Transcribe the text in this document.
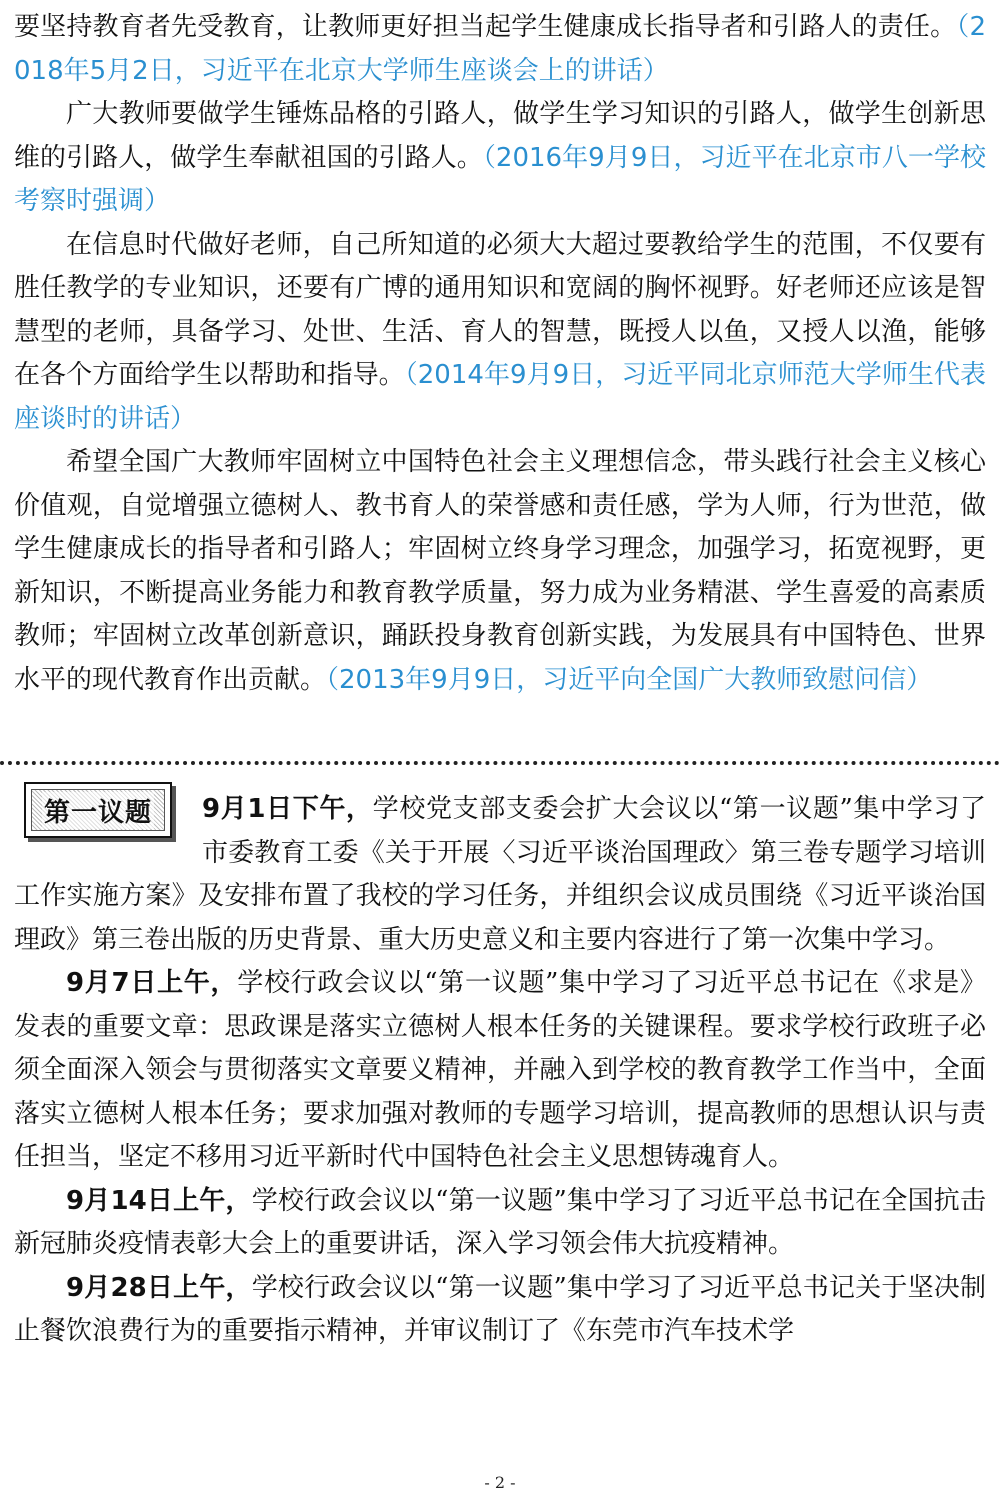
要坚持教育者先受教育，让教师更好担当起学生健康成长指导者和引路人的责任。（2018年5月2日，习近平在北京大学师生座谈会上的讲话）

广大教师要做学生锤炼品格的引路人，做学生学习知识的引路人，做学生创新思维的引路人，做学生奉献祖国的引路人。（2016年9月9日，习近平在北京市八一学校考察时强调）

在信息时代做好老师，自己所知道的必须大大超过要教给学生的范围，不仅要有胜任教学的专业知识，还要有广博的通用知识和宽阔的胸怀视野。好老师还应该是智慧型的老师，具备学习、处世、生活、育人的智慧，既授人以鱼，又授人以渔，能够在各个方面给学生以帮助和指导。（2014年9月9日，习近平同北京师范大学师生代表座谈时的讲话）

希望全国广大教师牢固树立中国特色社会主义理想信念，带头践行社会主义核心价值观，自觉增强立德树人、教书育人的荣誉感和责任感，学为人师，行为世范，做学生健康成长的指导者和引路人；牢固树立终身学习理念，加强学习，拓宽视野，更新知识，不断提高业务能力和教育教学质量，努力成为业务精湛、学生喜爱的高素质教师；牢固树立改革创新意识，踊跃投身教育创新实践，为发展具有中国特色、世界水平的现代教育作出贡献。（2013年9月9日，习近平向全国广大教师致慰问信）

第一议题	9月1日下午，学校党支部支委会扩大会议以“第一议题”集中学习了市委教育工委《关于开展〈习近平谈治国理政〉第三卷专题学习培训工作实施方案》及安排布置了我校的学习任务，并组织会议成员围绕《习近平谈治国理政》第三卷出版的历史背景、重大历史意义和主要内容进行了第一次集中学习。

9月7日上午，学校行政会议以“第一议题”集中学习了习近平总书记在《求是》发表的重要文章：思政课是落实立德树人根本任务的关键课程。要求学校行政班子必须全面深入领会与贯彻落实文章要义精神，并融入到学校的教育教学工作当中，全面落实立德树人根本任务；要求加强对教师的专题学习培训，提高教师的思想认识与责任担当，坚定不移用习近平新时代中国特色社会主义思想铸魂育人。

9月14日上午，学校行政会议以“第一议题”集中学习了习近平总书记在全国抗击新冠肺炎疫情表彰大会上的重要讲话，深入学习领会伟大抗疫精神。

9月28日上午，学校行政会议以“第一议题”集中学习了习近平总书记关于坚决制止餐饮浪费行为的重要指示精神，并审议制订了《东莞市汽车技术学

- 2 -
